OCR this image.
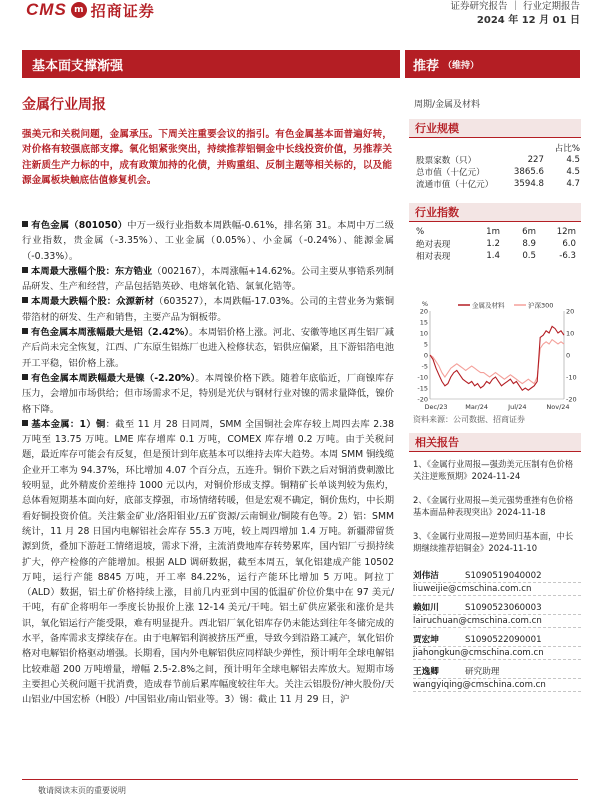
CMS m 招商证券	证券研究报告 ｜ 行业定期报告
2024 年 12 月 01 日
基本面支撑渐强	推荐 （维持）
金属行业周报	周期/金属及材料
强美元和关税问题，金属承压。下周关注重要会议的指引。有色金属基本面普遍好转，对价格有较强底部支撑。氧化铝紧张突出，持续推荐铝铜金中长线投资价值，另推荐关注新质生产力标的中，成有政策加持的化债，并购重组、反制主题等相关标的，以及能源金属板块触底估值修复机会。

有色金属（801050）中万一级行业指数本周跌幅-0.61%，排名第 31。本周中万二级行业指数，贵金属（-3.35%）、工业金属（0.05%）、小金属（-0.24%）、能源金属（-0.33%）。

本周最大涨幅个股：东方锆业（002167），本周涨幅+14.62%。公司主要从事锆系列制品研发、生产和经营，产品包括锆英砂、电熔氧化锆、氯氧化锆等。

本周最大跌幅个股：众源新材（603527），本周跌幅-17.03%。公司的主营业务为紫铜带箔材的研发、生产和销售，主要产品为铜板带。

有色金属本周涨幅最大是铝（2.42%）。本周铝价格上涨。河北、安徽等地区再生铝厂减产后尚未完全恢复，江西、广东原生铝炼厂也进入检修状态，铝供应偏紧，且下游铝箔电池开工平稳，铝价格上涨。

有色金属本周跌幅最大是镍（-2.20%）。本周镍价格下跌。随着年底临近，厂商镍库存压力，会增加市场供给；但市场需求不足，特别是光伏与钢材行业对镍的需求量降低，镍价格下降。

基本金属：1）铜：截至 11 月 28 日同周，SMM 全国铜社会库存较上周四去库 2.38 万吨至 13.75 万吨。LME 库存增库 0.1 万吨，COMEX 库存增 0.2 万吨。由于关税问题，最近库存可能会有反复，但是预计到年底基本可以维持去库大趋势。本周 SMM 铜线缆企业开工率为 94.37%，环比增加 4.07 个百分点，五连升。铜价下跌之后对铜消费刺激比较明显，此外精废价差维持 1000 元以内，对铜价形成支撑。铜精矿长单谈判较为焦灼，总体看短期基本面向好，底部支撑强，市场情绪转暖，但是宏观不确定，铜价焦灼，中长期看好铜投资价值。关注紫金矿业/洛阳钼业/五矿资源/云南铜业/铜陵有色等。2）铝：SMM 统计，11 月 28 日国内电解铝社会库存 55.3 万吨，较上周四增加 1.4 万吨。新疆滞留货源到货，叠加下游赶工情绪退坡，需求下滑，主流消费地库存转势累库，国内铝厂亏损持续扩大，停产检修的产能增加。根据 ALD 调研数据，截至本周五，氧化铝建成产能 10502 万吨，运行产能 8845 万吨，开工率 84.22%，运行产能环比增加 5 万吨。阿拉丁（ALD）数据，铝土矿价格持续上涨，目前几内亚到中国的低温矿价位价集中在 97 美元/干吨，有矿企将明年一季度长协报价上涨 12-14 美元/干吨。铝土矿供应紧张和涨价是共识，氧化铝运行产能受限，难有明显提升。西北铝厂氧化铝库存仍未能达到往年冬储完成的水平，备库需求支撑续存在。由于电解铝利润被挤压严重，导致今到沿路工减产，氧化铝价格对电解铝价格驱动增强。长期看，国内外电解铝供应同样缺少弹性，预计明年全球电解铝比较难超 200 万吨增量，增幅 2.5-2.8%之间，预计明年全球电解铝去库放大。短期市场主要担心关税问题干扰消费，造成春节前后累库幅度较往年大。关注云铝股份/神火股份/天山铝业/中国宏桥（H股）/中国铝业/南山铝业等。3）锡：截止 11 月 29 日，沪

行业规模
		占比%
股票家数（只）	227	4.5
总市值（十亿元）	3865.6	4.5
流通市值（十亿元）	3594.8	4.7
行业指数
%	1m	6m	12m
绝对表现	1.2	8.9	6.0
相对表现	1.4	0.5	-6.3
-20
-15
-10
-5
0
5
10
15
20
-20
-10
0
10
20
%
Dec/23	Mar/24	Jul/24	Nov/24
金属及材料	沪深300
资料来源：公司数据、招商证券
相关报告
1、《金属行业周报—强劲美元压制有色价格关注逆账预期》2024-11-24
2、《金属行业周报—美元强势重挫有色价格基本面品种表现突出》2024-11-18
3、《金属行业周报—逆势回归基本面，中长期继续推荐铝铜金》2024-11-10
刘伟洁	S1090519040002
liuweijie@cmschina.com.cn
赖如川	S1090523060003
lairuchuan@cmschina.com.cn
贾宏坤	S1090522090001
jiahongkun@cmschina.com.cn
王逸卿	研究助理
wangyiqing@cmschina.com.cn
敬请阅读末页的重要说明
